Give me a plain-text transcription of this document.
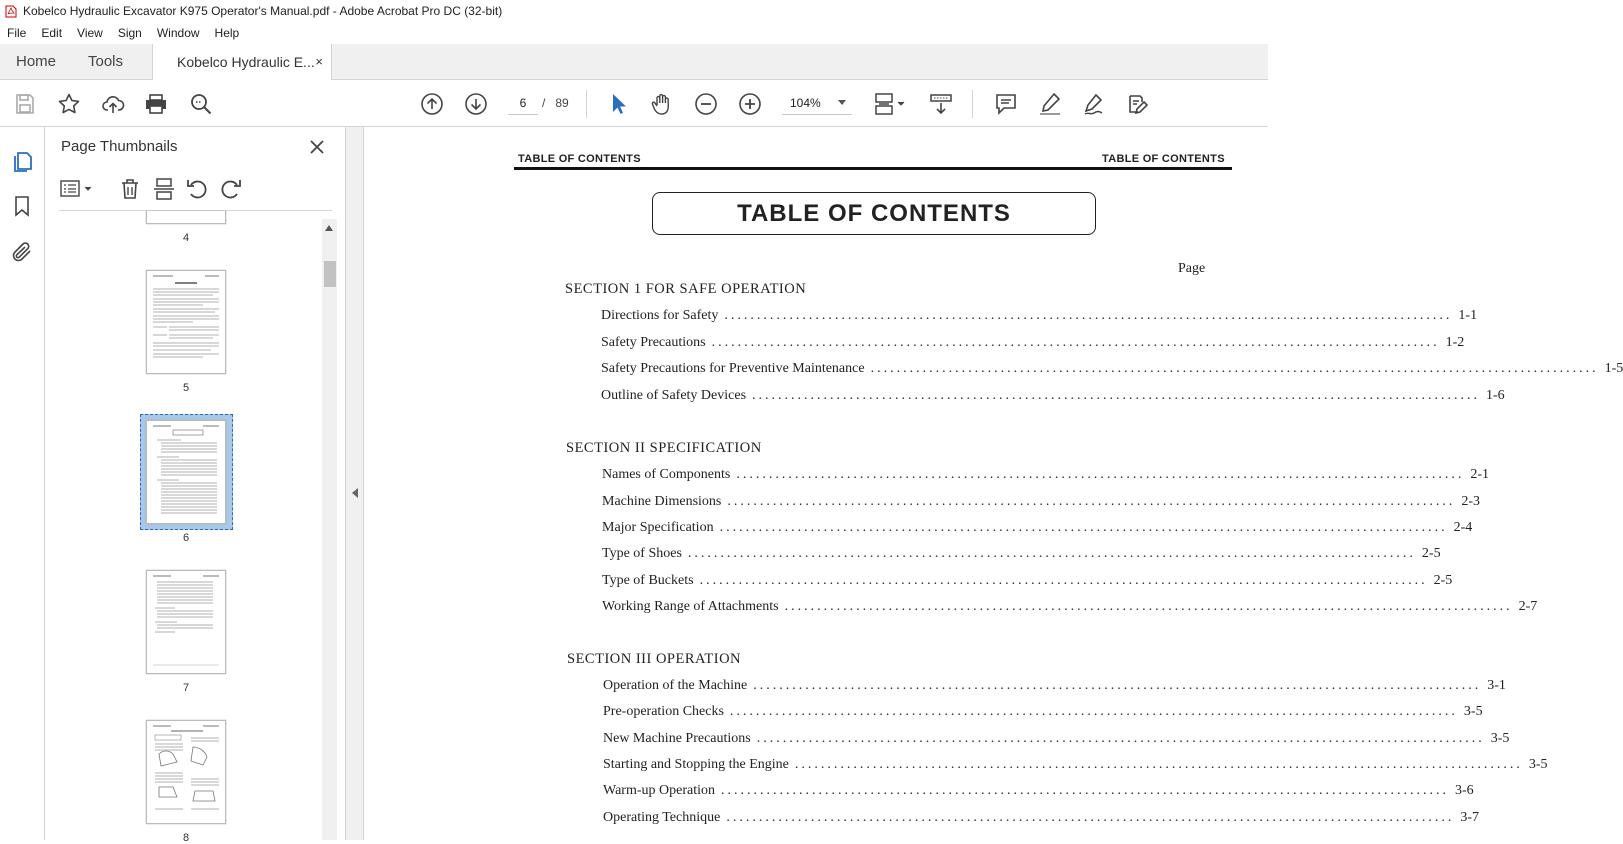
Kobelco Hydraulic Excavator K975 Operator's Manual.pdf - Adobe Acrobat Pro DC (32-bit)
File	Edit	View	Sign	Window	Help
Home Tools	Kobelco Hydraulic E... ×
6	/ 89	104%
Page Thumbnails
4
5
6
7
8
TABLE OF CONTENTS	TABLE OF CONTENTS
TABLE OF CONTENTS
Page
SECTION 1 FOR SAFE OPERATION
Directions for Safety ................................................................................................................ 1-1
Safety Precautions ................................................................................................................ 1-2
Safety Precautions for Preventive Maintenance ................................................................................................................ 1-5
Outline of Safety Devices ................................................................................................................ 1-6
SECTION II SPECIFICATION
Names of Components ................................................................................................................ 2-1
Machine Dimensions ................................................................................................................ 2-3
Major Specification ................................................................................................................ 2-4
Type of Shoes ................................................................................................................ 2-5
Type of Buckets ................................................................................................................ 2-5
Working Range of Attachments ................................................................................................................ 2-7
SECTION III OPERATION
Operation of the Machine ................................................................................................................ 3-1
Pre-operation Checks ................................................................................................................ 3-5
New Machine Precautions ................................................................................................................ 3-5
Starting and Stopping the Engine ................................................................................................................ 3-5
Warm-up Operation ................................................................................................................ 3-6
Operating Technique ................................................................................................................ 3-7
